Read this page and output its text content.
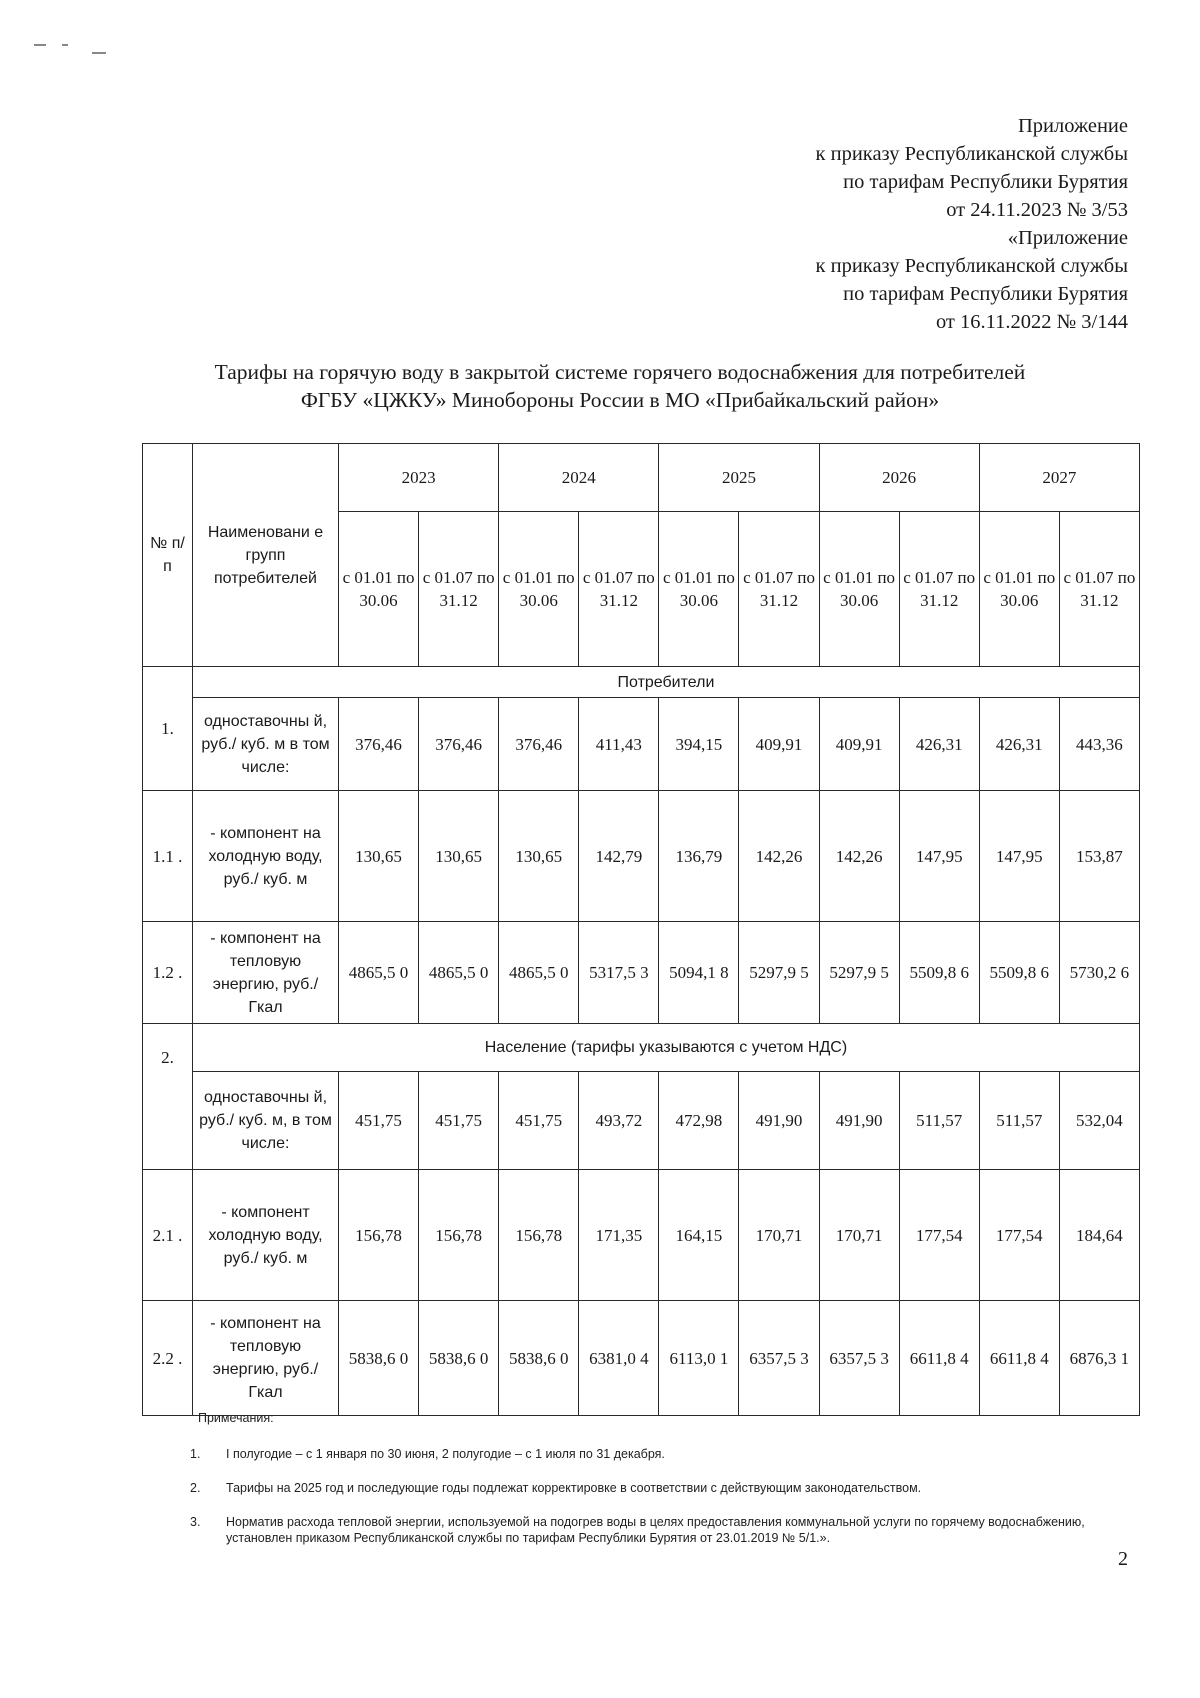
Приложение
к приказу Республиканской службы
по тарифам Республики Бурятия
от 24.11.2023 № 3/53
«Приложение
к приказу Республиканской службы
по тарифам Республики Бурятия
от 16.11.2022 № 3/144
Тарифы на горячую воду в закрытой системе горячего водоснабжения для потребителей
ФГБУ «ЦЖКУ» Минобороны России в МО «Прибайкальский район»
№ п/ п	Наименовани е групп потребителей	2023		2024		2025		2026		2027	
		с 01.01 по 30.06	с 01.07 по 31.12	с 01.01 по 30.06	с 01.07 по 31.12	с 01.01 по 30.06	с 01.07 по 31.12	с 01.01 по 30.06	с 01.07 по 31.12	с 01.01 по 30.06	с 01.07 по 31.12
1.	Потребители										
	одноставочны й, руб./ куб. м в том числе:	376,46	376,46	376,46	411,43	394,15	409,91	409,91	426,31	426,31	443,36
1.1 .	- компонент на холодную воду, руб./ куб. м	130,65	130,65	130,65	142,79	136,79	142,26	142,26	147,95	147,95	153,87
1.2 .	- компонент на тепловую энергию, руб./Гкал	4865,5 0	4865,5 0	4865,5 0	5317,5 3	5094,1 8	5297,9 5	5297,9 5	5509,8 6	5509,8 6	5730,2 6
2.	Население (тарифы указываются с учетом НДС)										
	одноставочны й, руб./ куб. м, в том числе:	451,75	451,75	451,75	493,72	472,98	491,90	491,90	511,57	511,57	532,04
2.1 .	- компонент холодную воду, руб./ куб. м	156,78	156,78	156,78	171,35	164,15	170,71	170,71	177,54	177,54	184,64
2.2 .	- компонент на тепловую энергию, руб./Гкал	5838,6 0	5838,6 0	5838,6 0	6381,0 4	6113,0 1	6357,5 3	6357,5 3	6611,8 4	6611,8 4	6876,3 1
Примечания:
1.	I полугодие – с 1 января по 30 июня, 2 полугодие – с 1 июля по 31 декабря.
2.	Тарифы на 2025 год и последующие годы подлежат корректировке в соответствии с действующим законодательством.
3.	Норматив расхода тепловой энергии, используемой на подогрев воды в целях предоставления коммунальной услуги по горячему водоснабжению, установлен приказом Республиканской службы по тарифам Республики Бурятия от 23.01.2019 № 5/1.».
2
